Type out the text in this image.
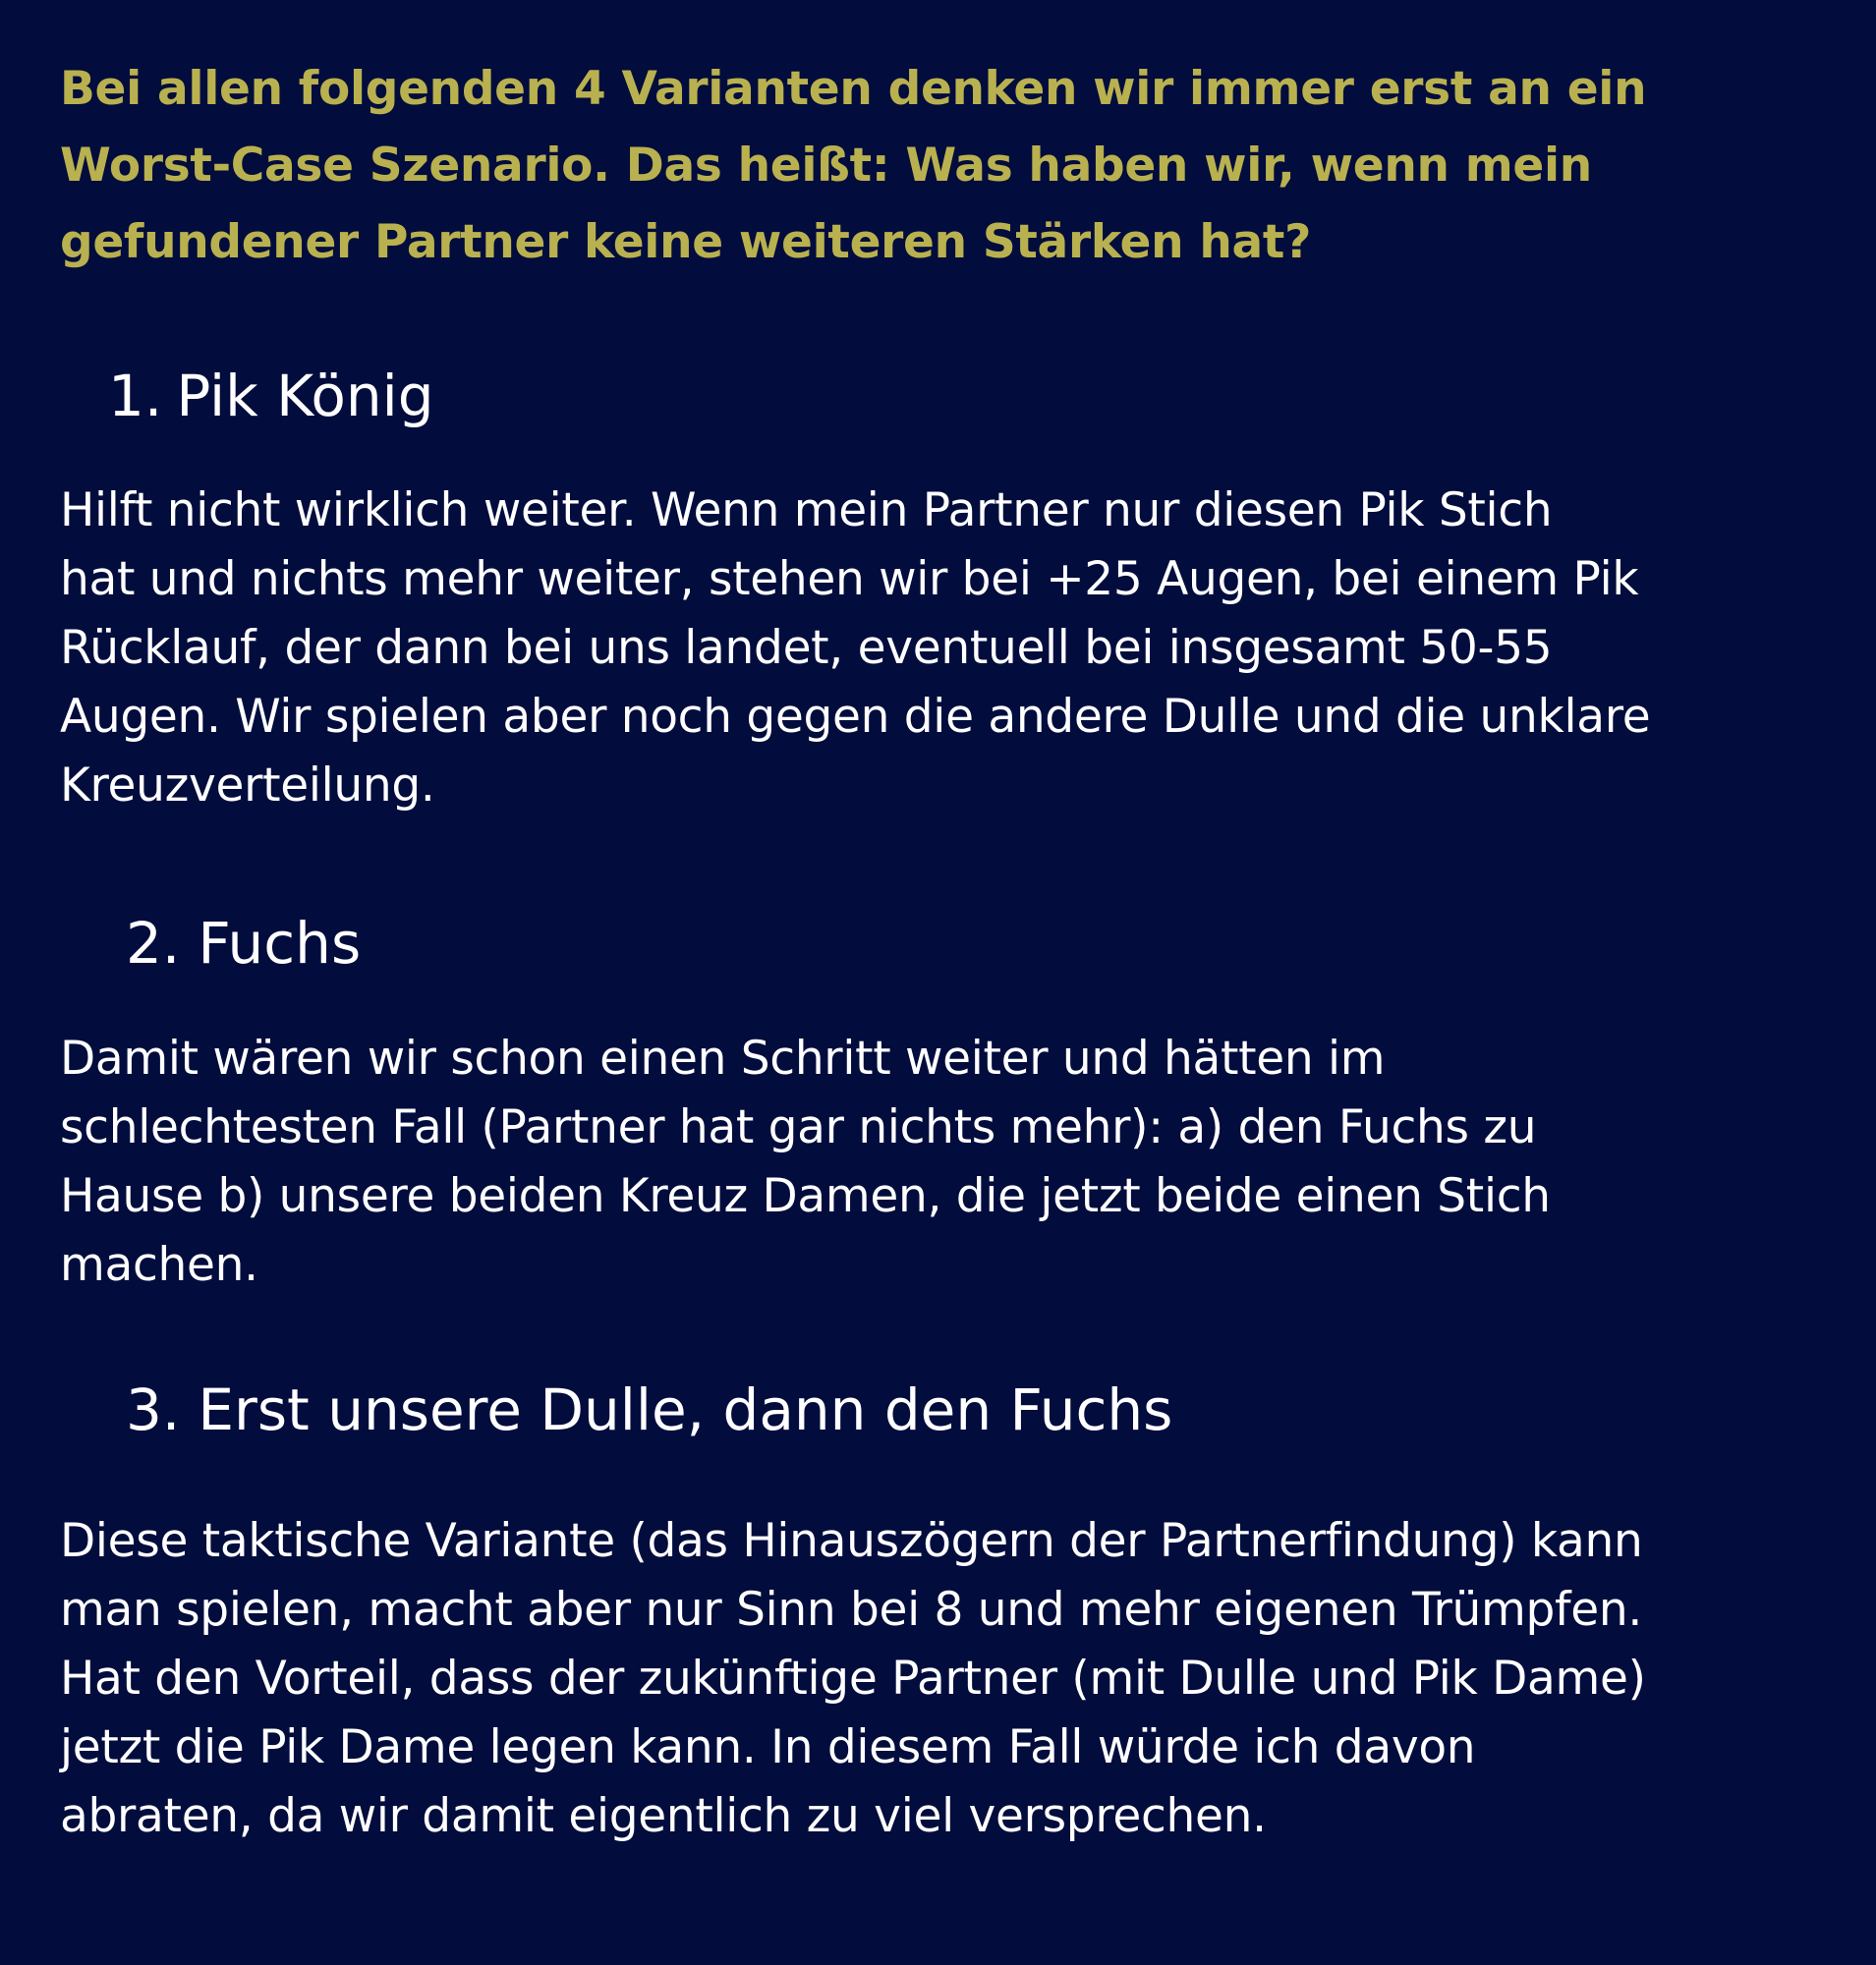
Bei allen folgenden 4 Varianten denken wir immer erst an ein
Worst-Case Szenario. Das heißt: Was haben wir, wenn mein
gefundener Partner keine weiteren Stärken hat?

1. Pik König

Hilft nicht wirklich weiter. Wenn mein Partner nur diesen Pik Stich
hat und nichts mehr weiter, stehen wir bei +25 Augen, bei einem Pik
Rücklauf, der dann bei uns landet, eventuell bei insgesamt 50-55
Augen. Wir spielen aber noch gegen die andere Dulle und die unklare
Kreuzverteilung.

2. Fuchs

Damit wären wir schon einen Schritt weiter und hätten im
schlechtesten Fall (Partner hat gar nichts mehr): a) den Fuchs zu
Hause b) unsere beiden Kreuz Damen, die jetzt beide einen Stich
machen.

3. Erst unsere Dulle, dann den Fuchs

Diese taktische Variante (das Hinauszögern der Partnerfindung) kann
man spielen, macht aber nur Sinn bei 8 und mehr eigenen Trümpfen.
Hat den Vorteil, dass der zukünftige Partner (mit Dulle und Pik Dame)
jetzt die Pik Dame legen kann. In diesem Fall würde ich davon
abraten, da wir damit eigentlich zu viel versprechen.
